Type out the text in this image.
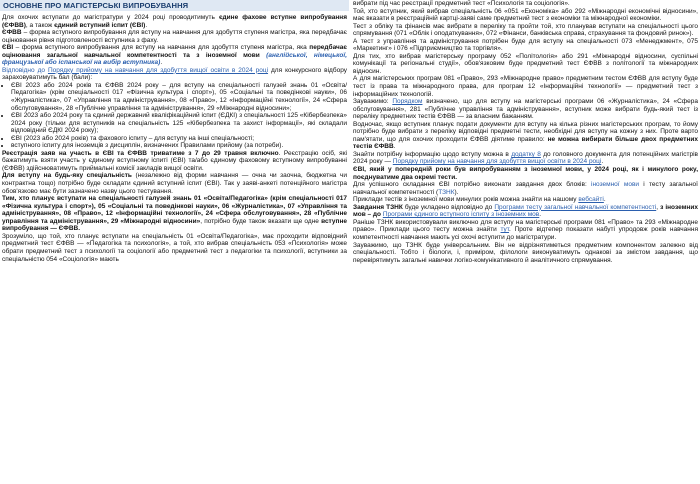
ОСНОВНЕ ПРО МАГІСТЕРСЬКІ ВИПРОБУВАННЯ

Для охочих вступати до магістратури у 2024 році проводитимуть єдине фахове вступне випробування (ЄФВВ), а також єдиний вступний іспит (ЄВІ).

ЄФВВ – форма вступного випробування для вступу на навчання для здобуття ступеня магістра, яка передбачає оцінювання рівня підготовленості вступника з фаху.

ЄВІ – форма вступного випробування для вступу на навчання для здобуття ступеня магістра, яка передбачає оцінювання загальної навчальної компетентності та з іноземної мови (англійської, німецької, французької або іспанської на вибір вступника).

Відповідно до Порядку прийому на навчання для здобуття вищої освіти в 2024 році для конкурсного відбору зараховуватимуть бал (бали):

• ЄВІ 2023 або 2024 років та ЄФВВ 2024 року – для вступу на спеціальності галузей знань 01 «Освіта/Педагогіка» (крім спеціальності 017 «Фізична культура і спорт»), 05 «Соціальні та поведінкові науки», 06 «Журналістика», 07 «Управління та адміністрування», 08 «Право», 12 «Інформаційні технології», 24 «Сфера обслуговування», 28 «Публічне управління та адміністрування», 29 «Міжнародні відносини»;
• ЄВІ 2023 або 2024 року та єдиний державний кваліфікаційний іспит (ЄДКІ) з спеціальності 125 «Кібербезпека» 2024 року (тільки для вступників на спеціальність 125 «Кібербезпека та захист інформації», які складали відповідний ЄДКІ 2024 року);
• ЄВІ (2023 або 2024 років) та фахового іспиту – для вступу на інші спеціальності;
• вступного іспиту для іноземців з дисциплін, визначених Правилами прийому (за потреби).

Реєстрація заяв на участь в ЄВІ та ЄФВВ триватиме з 7 до 29 травня включно. Реєстрацію осіб, які бажатимуть взяти участь у єдиному вступному іспиті (ЄВІ) та/або єдиному фаховому вступному випробуванні (ЄФВВ) здійснюватимуть приймальні комісії закладів вищої освіти.

Для вступу на будь-яку спеціальність (незалежно від форми навчання — очна чи заочна, бюджетна чи контрактна тощо) потрібно буде складати єдиний вступний іспит (ЄВІ). Так у заяві-анкеті потенційного магістра обов'язково має бути зазначено назву цього тестування.

Тим, хто планує вступати на спеціальності галузей знань 01 «Освіта/Педагогіка» (крім спеціальності 017 «Фізична культура і спорт»), 05 «Соціальні та поведінкові науки», 06 «Журналістика», 07 «Управління та адміністрування», 08 «Право», 12 «Інформаційні технології», 24 «Сфера обслуговування», 28 «Публічне управління та адміністрування», 29 «Міжнародні відносини», потрібно буде також вказати ще одне вступне випробування — ЄФВВ.

Зрозуміло, що той, хто планує вступати на спеціальність 01 «Освіта/Педагогіка», має проходити відповідний предметний тест ЄФВВ — «Педагогіка та психологія», а той, хто вибрав спеціальність 053 «Психологія» може обрати предметний тест з психології та соціології або предметний тест з педагогіки та психології, вступники за спеціальністю 054 «Соціологія» мають

вибрати під час реєстрації предметний тест «Психологія та соціологія».

Той, хто вступник, який вибрав спеціальність 06 «051 «Економіка» або 292 «Міжнародні економічні відносини», має вказати в реєстраційній картці-заяві саме предметний тест з економіки та міжнародної економіки.

Тест з обліку та фінансів має вибрати в переліку та пройти той, хто планував вступати на спеціальності цього спрямування (071 «Облік і оподаткування», 072 «Фінанси, банківська справа, страхування та фондовий ринок»).

А тест з управління та адміністрування потрібен буде для вступу на спеціальності 073 «Менеджмент», 075 «Маркетинг» і 076 «Підприємництво та торгівля».

Для тих, хто вибрав магістерську програму 052 «Політологія» або 291 «Міжнародні відносини, суспільні комунікації та регіональні студії», обов'язковим буде предметний тест ЄФВВ з політології та міжнародних відносин.

А для магістерських програм 081 «Право», 293 «Міжнародне право» предметним тестом ЄФВВ для вступу буде тест із права та міжнародного права, для програм 12 «Інформаційні технології» — предметний тест з інформаційних технологій.

Зауважимо: Порядком визначено, що для вступу на магістерські програми 06 «Журналістика», 24 «Сфера обслуговування», 281 «Публічне управління та адміністрування», вступник може вибрати будь-який тест із переліку предметних тестів ЄФВВ — за власним бажанням.

Водночас, якщо вступник планує подати документи для вступу на кілька різних магістерських програм, то йому потрібно буде вибрати з переліку відповідні предметні тести, необхідні для вступу на кожну з них. Проте варто пам'ятати, що для охочих проходити ЄФВВ діятиме правило: не можна вибирати більше двох предметних тестів ЄФВВ.

Знайти потрібну інформацію щодо вступу можна в додатку 8 до головного документа для потенційних магістрів 2024 року — Порядку прийому на навчання для здобуття вищої освіти в 2024 році.

ЄВІ, який у попередній роки був випробуванням з іноземної мови, у 2024 році, як і минулого року, поєднуватиме два окремі тести.

Для успішного складання ЄВІ потрібно виконати завдання двох блоків: іноземної мови і тесту загальної навчальної компетентності (ТЗНК).

Приклади тестів з іноземної мови минулих років можна знайти на нашому вебсайті.

Завдання ТЗНК буде укладено відповідно до Програми тесту загальної навчальної компетентності, з іноземних мов – до Програми єдиного вступного іспиту з іноземних мов.

Раніше ТЗНК використовували виключно для вступу на магістерські програми 081 «Право» та 293 «Міжнародне право». Приклади цього тесту можна знайти тут. Проте відтепер показати набуті упродовж років навчання компетентності навчання мають усі охочі вступити до магістратури.

Зауважимо, що ТЗНК буде універсальним. Він не відрізнятиметься предметним компонентом залежно від спеціальності. Тобто і біологи, і, приміром, філологи виконуватимуть однакові за змістом завдання, що перевірятимуть загальні навички логіко-комунікативного й аналітичного спрямування.
